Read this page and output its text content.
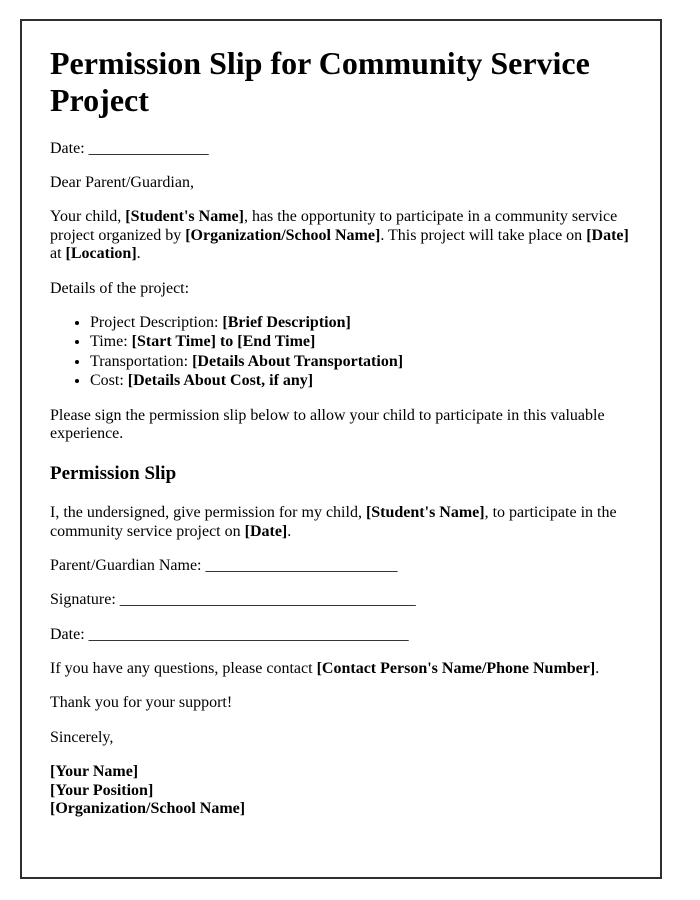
Permission Slip for Community Service Project

Date: _______________

Dear Parent/Guardian,

Your child, [Student's Name], has the opportunity to participate in a community service project organized by [Organization/School Name]. This project will take place on [Date] at [Location].

Details of the project:

• Project Description: [Brief Description]
• Time: [Start Time] to [End Time]
• Transportation: [Details About Transportation]
• Cost: [Details About Cost, if any]

Please sign the permission slip below to allow your child to participate in this valuable experience.

Permission Slip

I, the undersigned, give permission for my child, [Student's Name], to participate in the community service project on [Date].

Parent/Guardian Name: ________________________

Signature: _____________________________________

Date: ________________________________________

If you have any questions, please contact [Contact Person's Name/Phone Number].

Thank you for your support!

Sincerely,

[Your Name]
[Your Position]
[Organization/School Name]
